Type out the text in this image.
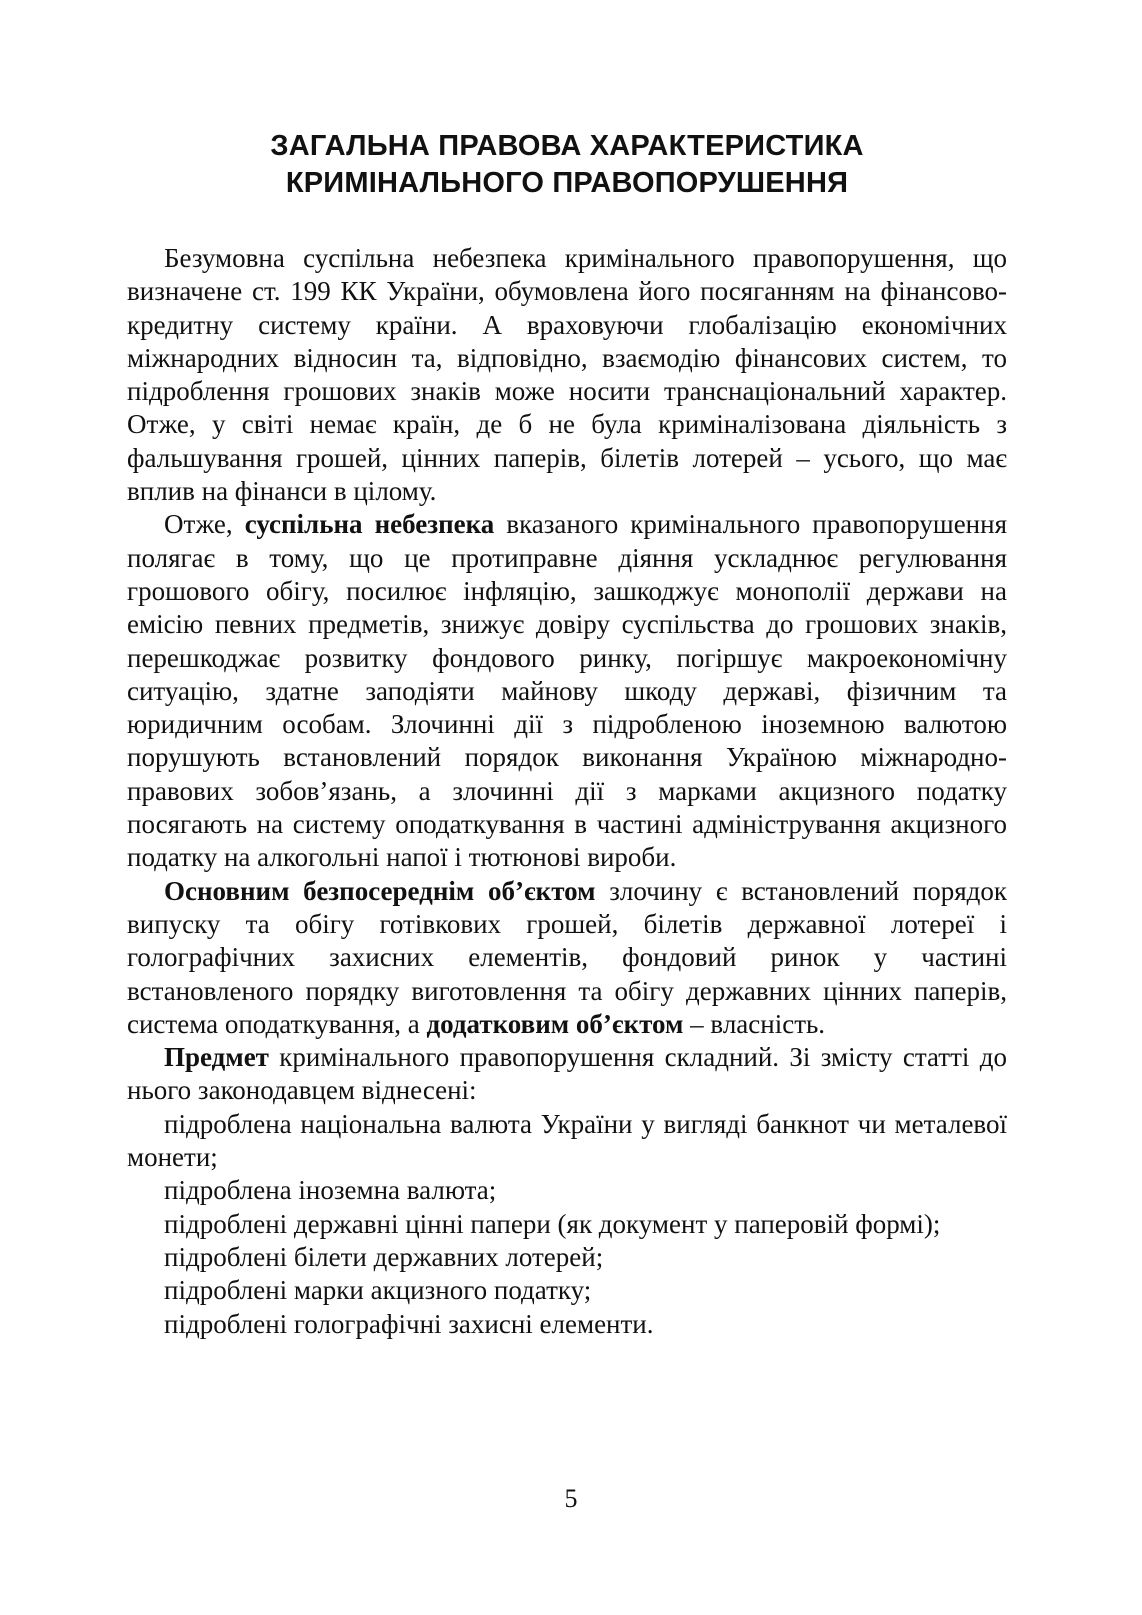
ЗАГАЛЬНА ПРАВОВА ХАРАКТЕРИСТИКА
КРИМІНАЛЬНОГО ПРАВОПОРУШЕННЯ

Безумовна суспільна небезпека кримінального правопорушення, що визначене ст. 199 КК України, обумовлена його посяганням на фінансово-кредитну систему країни. А враховуючи глобалізацію економічних міжнародних відносин та, відповідно, взаємодію фінансових систем, то підроблення грошових знаків може носити транснаціональний характер. Отже, у світі немає країн, де б не була криміналізована діяльність з фальшування грошей, цінних паперів, білетів лотерей – усього, що має вплив на фінанси в цілому.

Отже, суспільна небезпека вказаного кримінального правопорушення полягає в тому, що це протиправне діяння ускладнює регулювання грошового обігу, посилює інфляцію, зашкоджує монополії держави на емісію певних предметів, знижує довіру суспільства до грошових знаків, перешкоджає розвитку фондового ринку, погіршує макроекономічну ситуацію, здатне заподіяти майнову шкоду державі, фізичним та юридичним особам. Злочинні дії з підробленою іноземною валютою порушують встановлений порядок виконання Україною міжнародно-правових зобов’язань, а злочинні дії з марками акцизного податку посягають на систему оподаткування в частині адміністрування акцизного податку на алкогольні напої і тютюнові вироби.

Основним безпосереднім об’єктом злочину є встановлений порядок випуску та обігу готівкових грошей, білетів державної лотереї і голографічних захисних елементів, фондовий ринок у частині встановленого порядку виготовлення та обігу державних цінних паперів, система оподаткування, а додатковим об’єктом – власність.

Предмет кримінального правопорушення складний. Зі змісту статті до нього законодавцем віднесені:

підроблена національна валюта України у вигляді банкнот чи металевої монети;

підроблена іноземна валюта;

підроблені державні цінні папери (як документ у паперовій формі);

підроблені білети державних лотерей;

підроблені марки акцизного податку;

підроблені голографічні захисні елементи.

5
